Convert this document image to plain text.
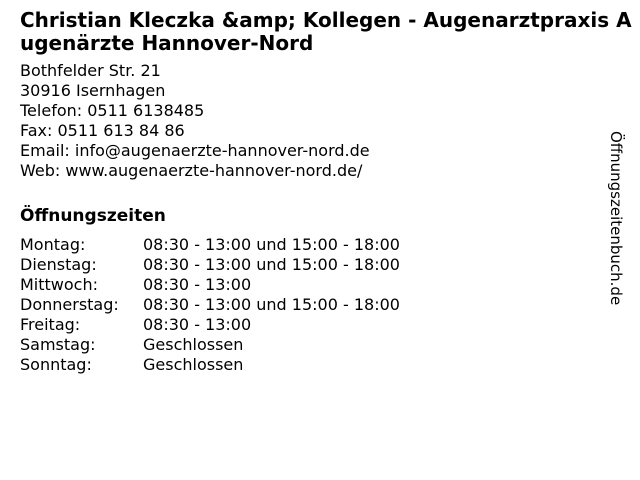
Christian Kleczka &amp; Kollegen - Augenarztpraxis A
ugenärzte Hannover-Nord
Bothfelder Str. 21
30916 Isernhagen
Telefon: 0511 6138485
Fax: 0511 613 84 86
Email: info@augenaerzte-hannover-nord.de
Web: www.augenaerzte-hannover-nord.de/
Öffnungszeiten
Montag:	08:30 - 13:00 und 15:00 - 18:00
Dienstag:	08:30 - 13:00 und 15:00 - 18:00
Mittwoch:	08:30 - 13:00
Donnerstag:	08:30 - 13:00 und 15:00 - 18:00
Freitag:	08:30 - 13:00
Samstag:	Geschlossen
Sonntag:	Geschlossen
Öffnungszeitenbuch.de
